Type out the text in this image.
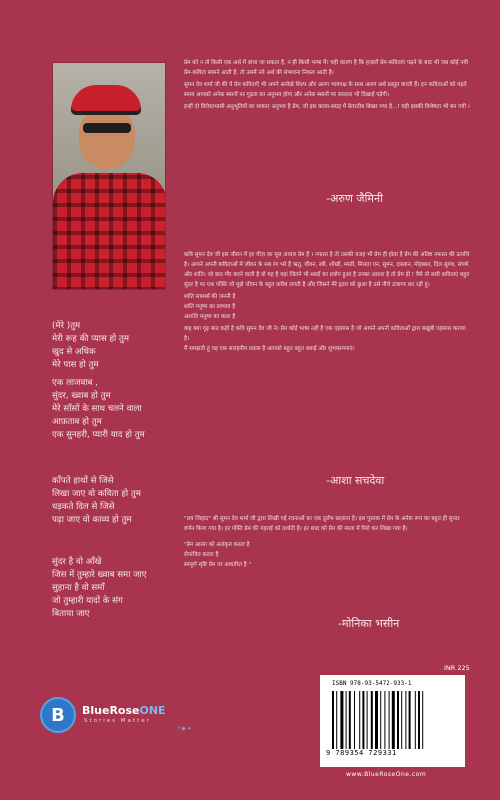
(मेरे )तुम
मेरी रूह की प्यास हो तुम
खुद से अधिक
मेरे पास हो तुम
एक लाजवाब ,
सुंदर, ख्वाब हो तुम
मेरे साँसों के साथ चलने वाला
आफ़ताब हो तुम
एक सुनहरी, प्यारी याद हो तुम
काँपते हाथों से जिसे
लिखा जाए वो कविता हो तुम
धड़कते दिल से जिसे
पढ़ा जाए वो काव्य हो तुम
सुंदर है वो आँखे
जिस में तुम्हारे ख्वाब समा जाए
सुहाना है वो समाँ
जो तुम्हारी यादों के संग
बिताया जाए

प्रेम को न तो किसी एक अर्थ में बांधा जा सकता है, न ही किसी भाषा में। यही कारण है कि हज़ारों प्रेम-कविताएं पढ़ने के बाद भी जब कोई नयी प्रेम-कविता सामने आती है, तो उसमें नये अर्थ की संभावना निकल आती है।

सुमन देव शर्मा जी की ये प्रेम कविताएँ भी अपने अनोखे शिल्प और अलग भावपक्ष के साथ अलग अर्थ प्रस्तुत करती हैं। इन कविताओं को पढ़ते समय आपको अनेक स्थानों पर गुढ़ता का अनुभव होगा और अनेक स्थानों पर सरलता भी दिखाई पड़ेगी।

इन्हीं दो विरोधाभासी अनुभूतियों का साकार अनुभव है प्रेम, जो इस काव्य-संग्रह में बेतरतीब बिखर गया है...! यही इसकी विशेषता भी बन गयी ।

-अरुण जैमिनी

कवि सुमन देव जी इस जीवन में हर चीज़ का मूल आधार प्रेम है । नफरत है तो उसकी वजह भी प्रेम ही होता है प्रेम की अतिष्ट नफरत की उत्पत्ति है। आपने अपनी कविताओं में जीवन के सब रंग भरे है ऋतु, यौवन, स्त्री, शोखी, मस्ती, मिलता एन, सुमन, दास्तान, मोहब्बत, दिल सुगंध, संघर्ष और शांति। जो बात गौर करने वाली है वो यह है यहां जितने भी शब्दों का प्रयोग हुआ है उनका आधार है तो प्रेम ही ! वैसे तो सारी कविताएं बहुत सुंदर है पर एक पंक्ति जो मुझे जीवन के बहुत करीब लगती है और जिसने मेरे हृदय को छुआ है उसे नीचे उजागर कर रहीं हूं।

शांति सामर्थ्य की जननी है
शांति मनुष्य का स्वभाव है
अशांति मनुष्य का काल है

वाह क्या गूढ़ बात कही है कवि सुमन देव जी ने। प्रेम कोई भाषा नहीं है एक एहसास है जो आपने अपनी कविताओं द्वारा बखूबी एहसास कराया है।
मैं समझती हूं यह एक सराहनीय प्रयास है आपको बहुत बहुत बधाई और शुभकामनाएं।

-आशा सचदेवा

"लव जिहाद" श्री सुमन देव शर्मा जी द्वारा लिखी गई रचनाओं का एक दुर्लभ खज़ाना है। इस पुस्तक में प्रेम के अनेक रूप का बहुत ही सुन्दर वर्णन किया गया है। हर पंक्ति प्रेम की गहराई को दर्शाती है। हर शब्द को प्रेम की माला में पिरो कर लिखा गया है।

"प्रेम आत्मा को अलंकृत करता है
रोमांचित करता है
सम्पूर्ण सृष्टि प्रेम पर आधारित है "

-मोनिका भसीन
B	BlueRoseONE
Stories Matter
f ◉ ✦
INR 225
ISBN 978-93-5472-933-1
9 789354 729331
www.BlueRoseOne.com
